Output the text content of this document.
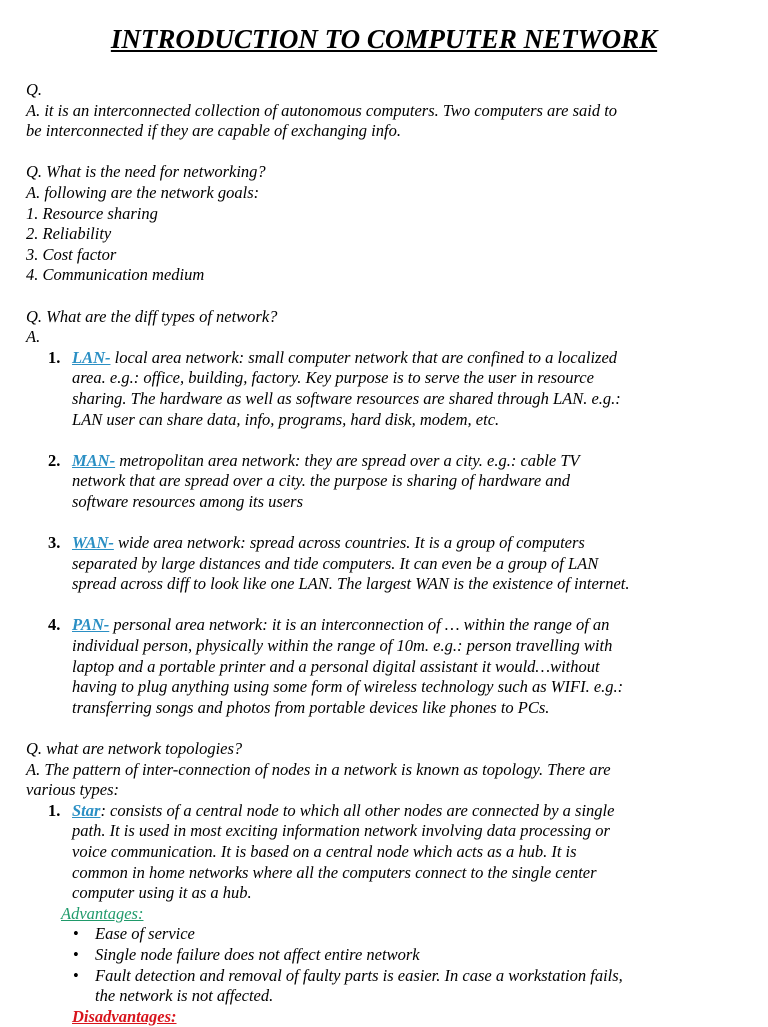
INTRODUCTION TO COMPUTER NETWORK
Q.
A. it is an interconnected collection of autonomous computers. Two computers are said to
be interconnected if they are capable of exchanging info.
Q. What is the need for networking?
A. following are the network goals:
1. Resource sharing
2. Reliability
3. Cost factor
4. Communication medium
Q. What are the diff types of network?
A.
1. LAN- local area network: small computer network that are confined to a localized
area. e.g.: office, building, factory. Key purpose is to serve the user in resource
sharing. The hardware as well as software resources are shared through LAN. e.g.:
LAN user can share data, info, programs, hard disk, modem, etc.
2. MAN- metropolitan area network: they are spread over a city. e.g.: cable TV
network that are spread over a city. the purpose is sharing of hardware and
software resources among its users
3. WAN- wide area network: spread across countries. It is a group of computers
separated by large distances and tide computers. It can even be a group of LAN
spread across diff to look like one LAN. The largest WAN is the existence of internet.
4. PAN- personal area network: it is an interconnection of … within the range of an
individual person, physically within the range of 10m. e.g.: person travelling with
laptop and a portable printer and a personal digital assistant it would…without
having to plug anything using some form of wireless technology such as WIFI. e.g.:
transferring songs and photos from portable devices like phones to PCs.
Q. what are network topologies?
A. The pattern of inter-connection of nodes in a network is known as topology. There are
various types:
1. Star: consists of a central node to which all other nodes are connected by a single
path. It is used in most exciting information network involving data processing or
voice communication. It is based on a central node which acts as a hub. It is
common in home networks where all the computers connect to the single center
computer using it as a hub.
Advantages:
• Ease of service
• Single node failure does not affect entire network
• Fault detection and removal of faulty parts is easier. In case a workstation fails,
the network is not affected.
Disadvantages:
